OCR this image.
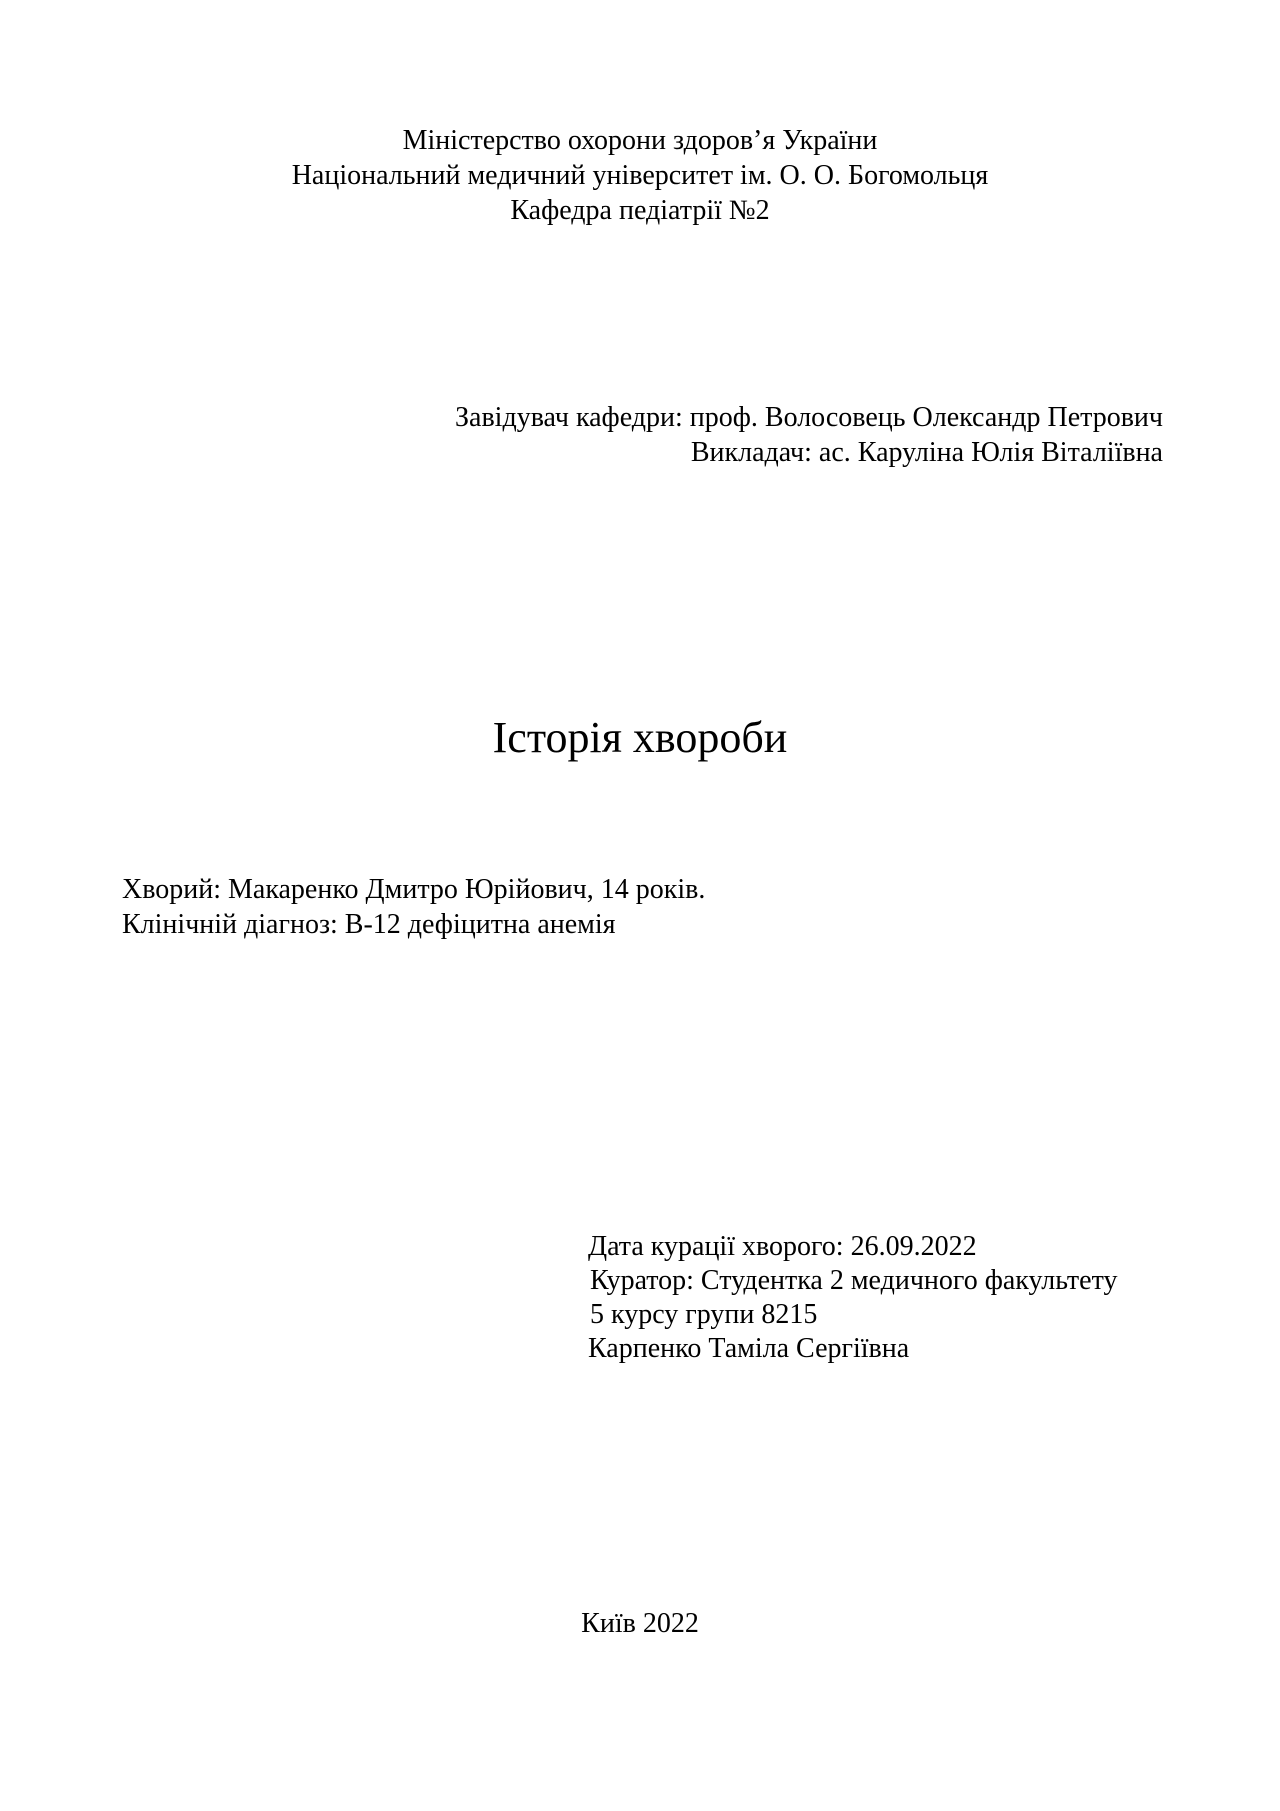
Міністерство охорони здоров’я України
Національний медичний університет ім. О. О. Богомольця
Кафедра педіатрії №2
Завідувач кафедри: проф. Волосовець Олександр Петрович
Викладач: ас. Каруліна Юлія Віталіївна
Історія хвороби
Хворий: Макаренко Дмитро Юрійович, 14 років.
Клінічній діагноз: B-12 дефіцитна анемія
Дата курації хворого: 26.09.2022
Куратор: Студентка 2 медичного факультету
5 курсу групи 8215
Карпенко Таміла Сергіївна
Київ 2022
